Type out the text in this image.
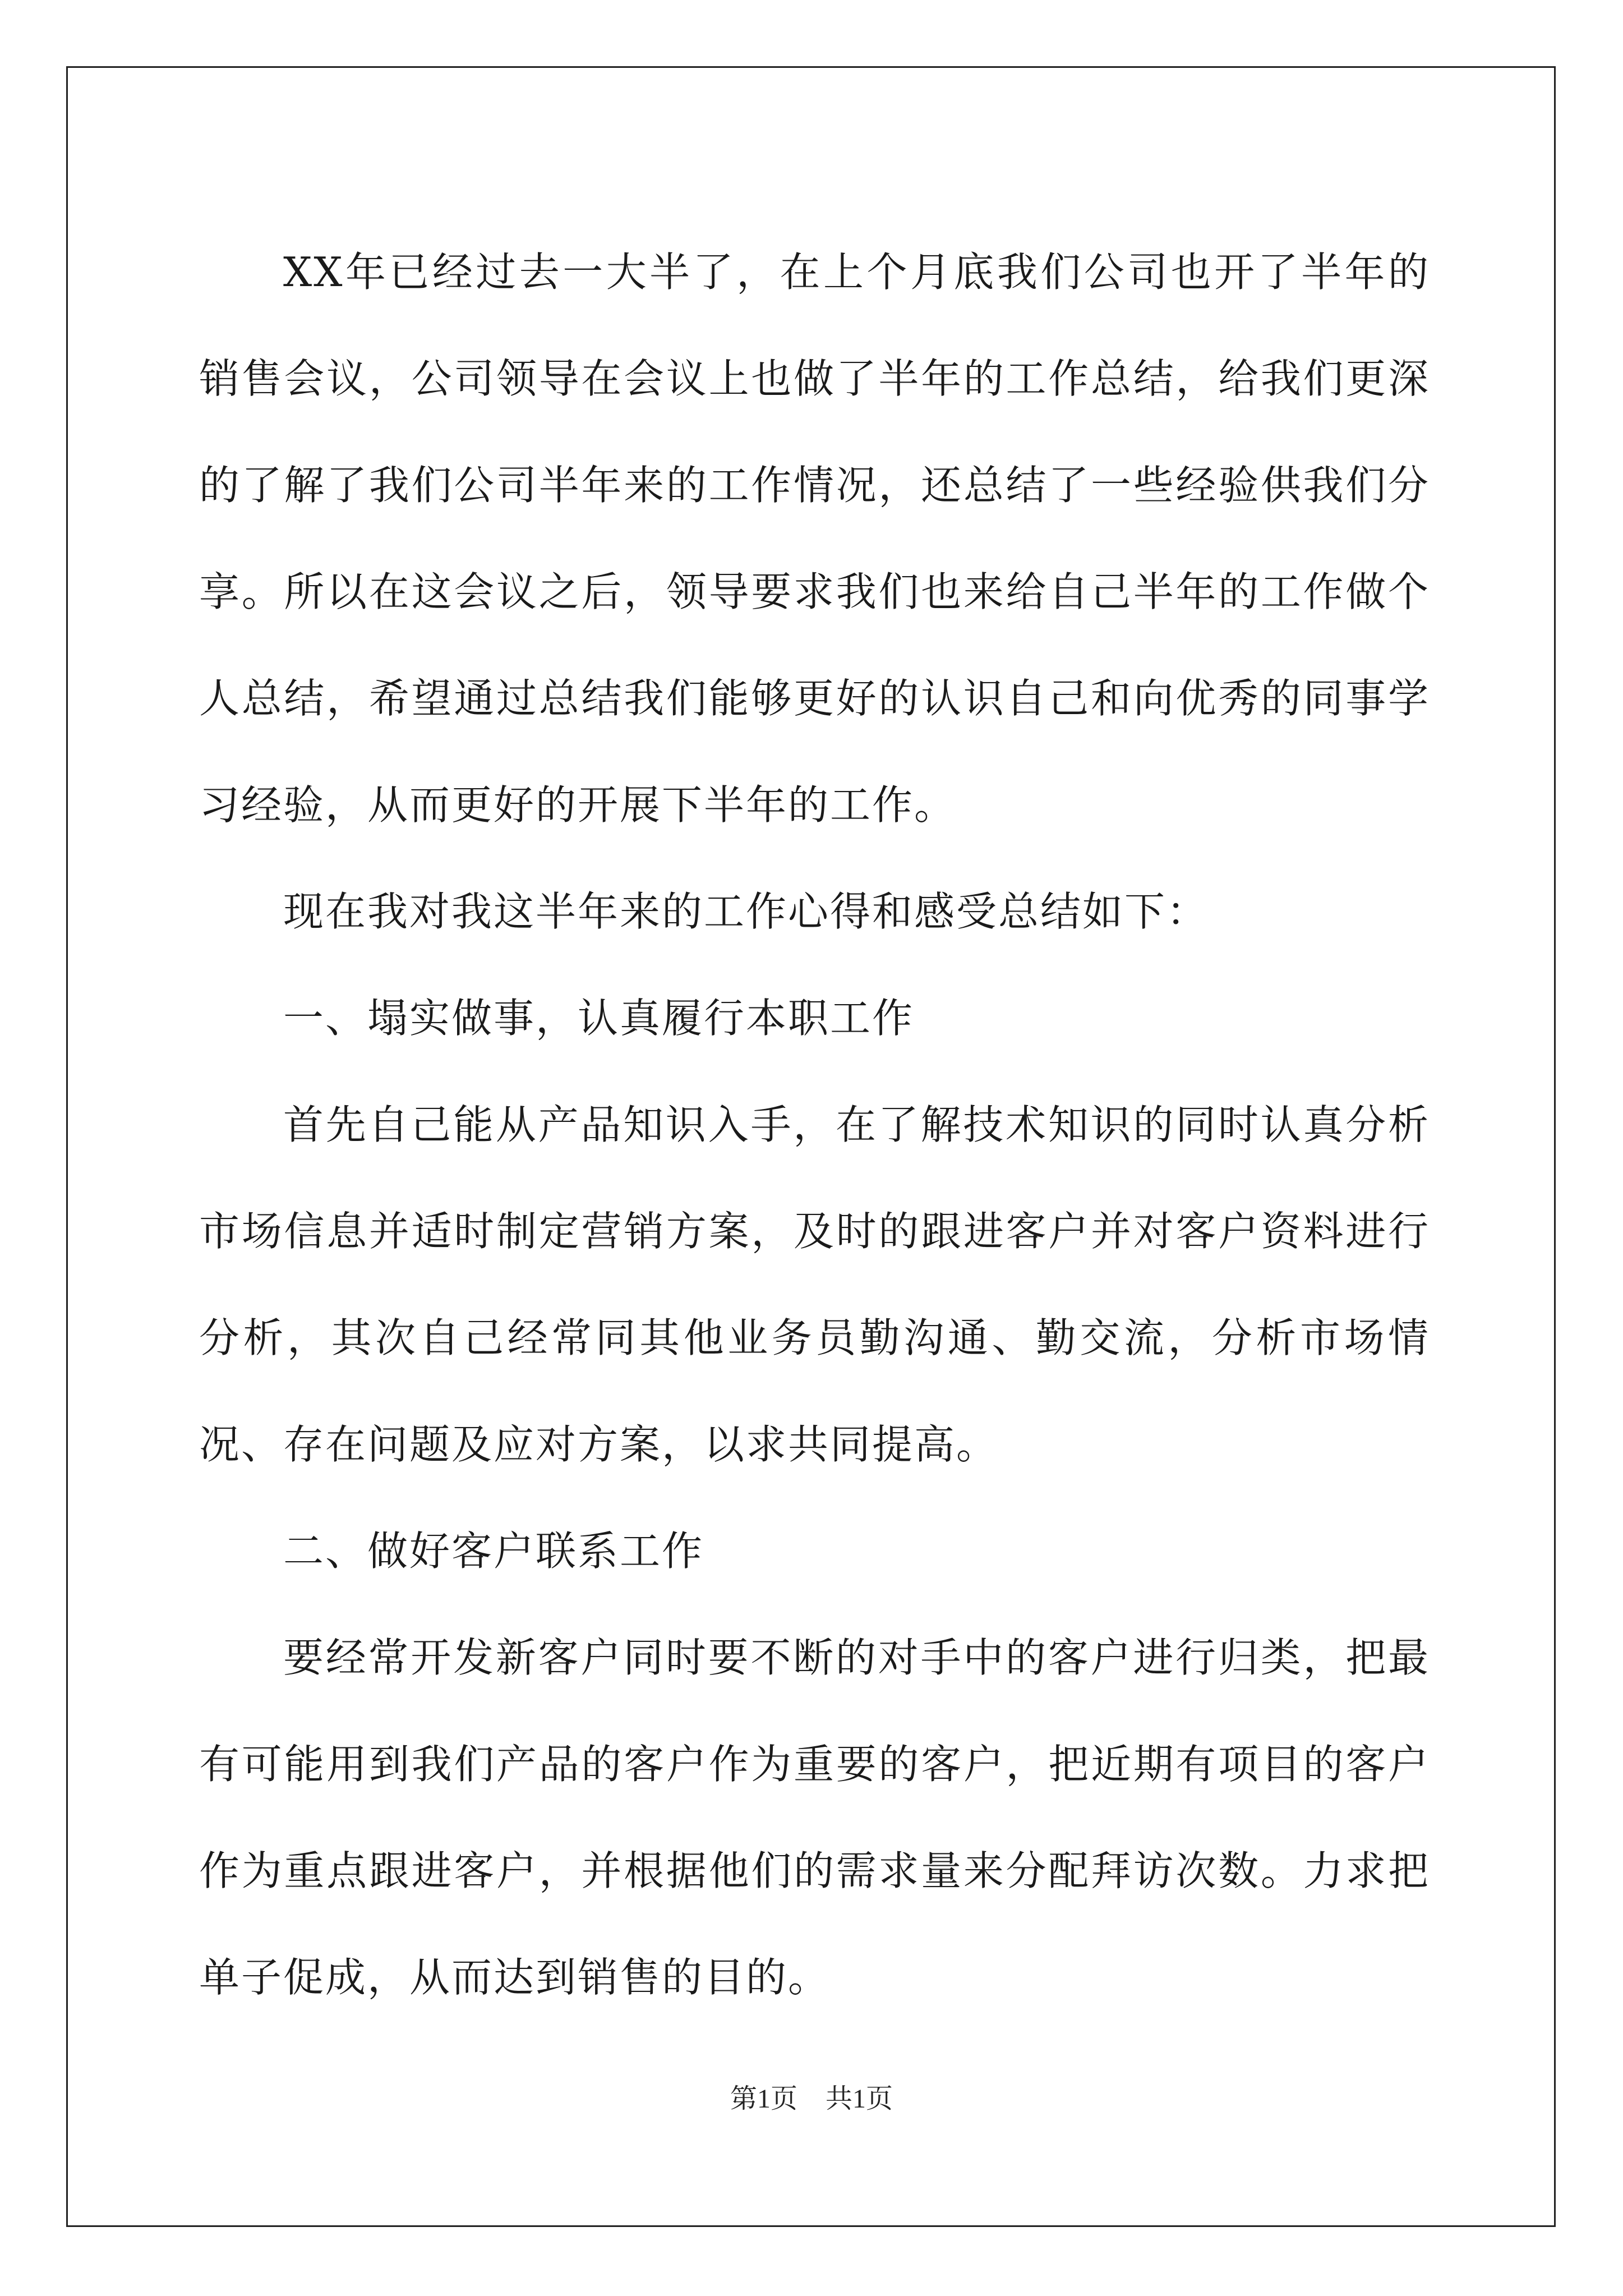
XX年已经过去一大半了，在上个月底我们公司也开了半年的销售会议，公司领导在会议上也做了半年的工作总结，给我们更深的了解了我们公司半年来的工作情况，还总结了一些经验供我们分享。所以在这会议之后，领导要求我们也来给自己半年的工作做个人总结，希望通过总结我们能够更好的认识自己和向优秀的同事学习经验，从而更好的开展下半年的工作。

现在我对我这半年来的工作心得和感受总结如下：

一、塌实做事，认真履行本职工作

首先自己能从产品知识入手，在了解技术知识的同时认真分析市场信息并适时制定营销方案，及时的跟进客户并对客户资料进行分析，其次自己经常同其他业务员勤沟通、勤交流，分析市场情况、存在问题及应对方案，以求共同提高。

二、做好客户联系工作

要经常开发新客户同时要不断的对手中的客户进行归类，把最有可能用到我们产品的客户作为重要的客户，把近期有项目的客户作为重点跟进客户，并根据他们的需求量来分配拜访次数。力求把单子促成，从而达到销售的目的。

第1页 共1页
